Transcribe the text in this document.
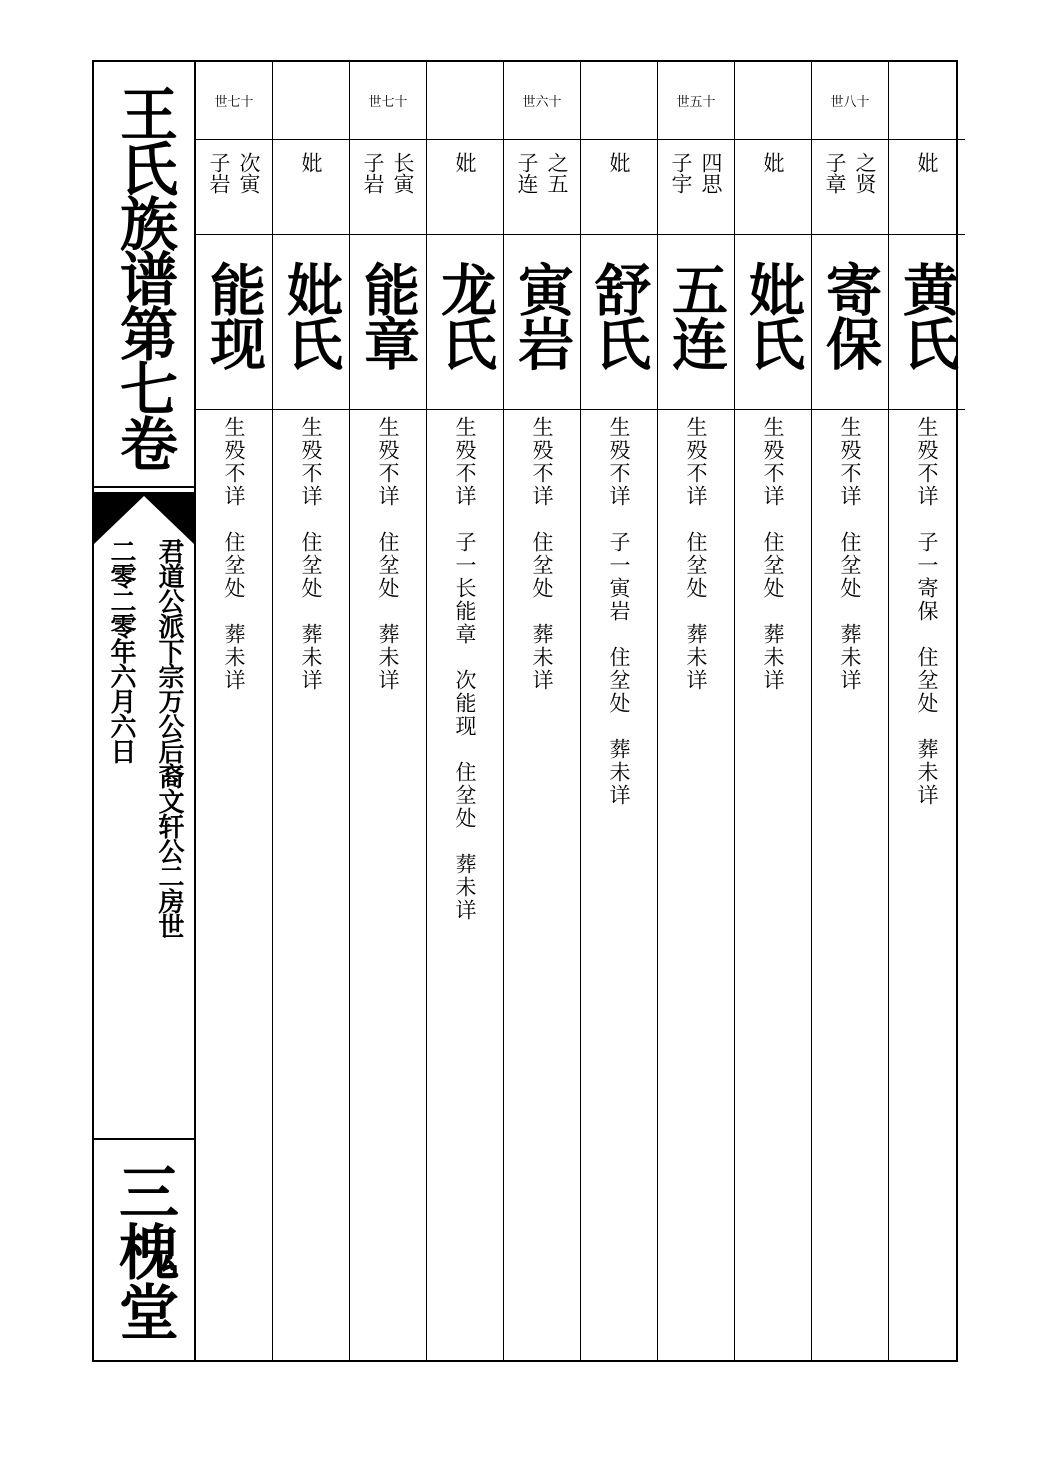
王氏族谱第七卷
君道公派下宗万公后裔文轩公二房世
二零二零年六月六日
三槐堂
世七十
次寅
子岩
能现
生殁不详　住坌处　葬未详
妣
妣氏
生殁不详　住坌处　葬未详
世七十
长寅
子岩
能章
生殁不详　住坌处　葬未详
妣
龙氏
生殁不详　子一长能章　次能现　住坌处　葬未详
世六十
之五
子连
寅岩
生殁不详　住坌处　葬未详
妣
舒氏
生殁不详　子一寅岩　住坌处　葬未详
世五十
四思
子宇
五连
生殁不详　住坌处　葬未详
妣
妣氏
生殁不详　住坌处　葬未详
世八十
之贤
子章
寄保
生殁不详　住坌处　葬未详
妣
黄氏
生殁不详　子一寄保　住坌处　葬未详
